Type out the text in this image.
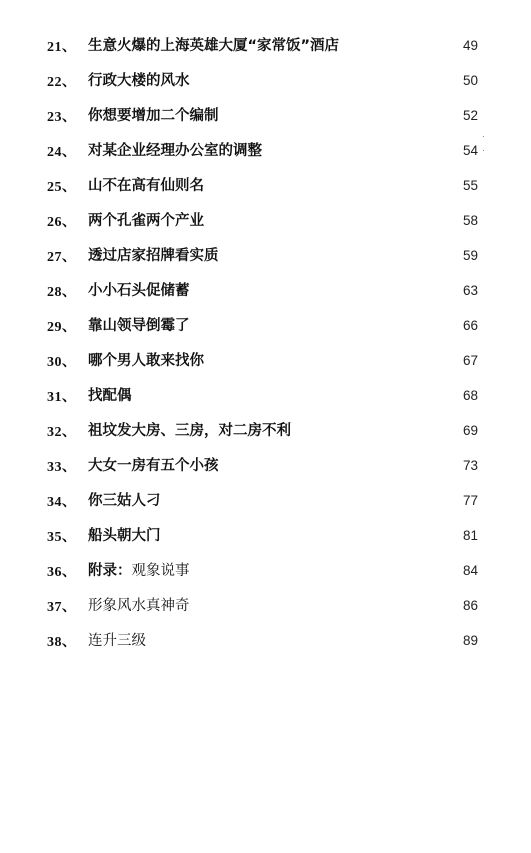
21、 生意火爆的上海英雄大厦“家常饭”酒店	49
22、 行政大楼的风水	50
23、 你想要增加二个编制	52
24、 对某企业经理办公室的调整	54
25、 山不在高有仙则名	55
26、 两个孔雀两个产业	58
27、 透过店家招牌看实质	59
28、 小小石头促储蓄	63
29、 靠山领导倒霉了	66
30、 哪个男人敢来找你	67
31、 找配偶	68
32、 祖坟发大房、三房，对二房不利	69
33、 大女一房有五个小孩	73
34、 你三姑人刁	77
35、 船头朝大门	81
36、 附录：观象说事	84
37、 形象风水真神奇	86
38、 连升三级	89
